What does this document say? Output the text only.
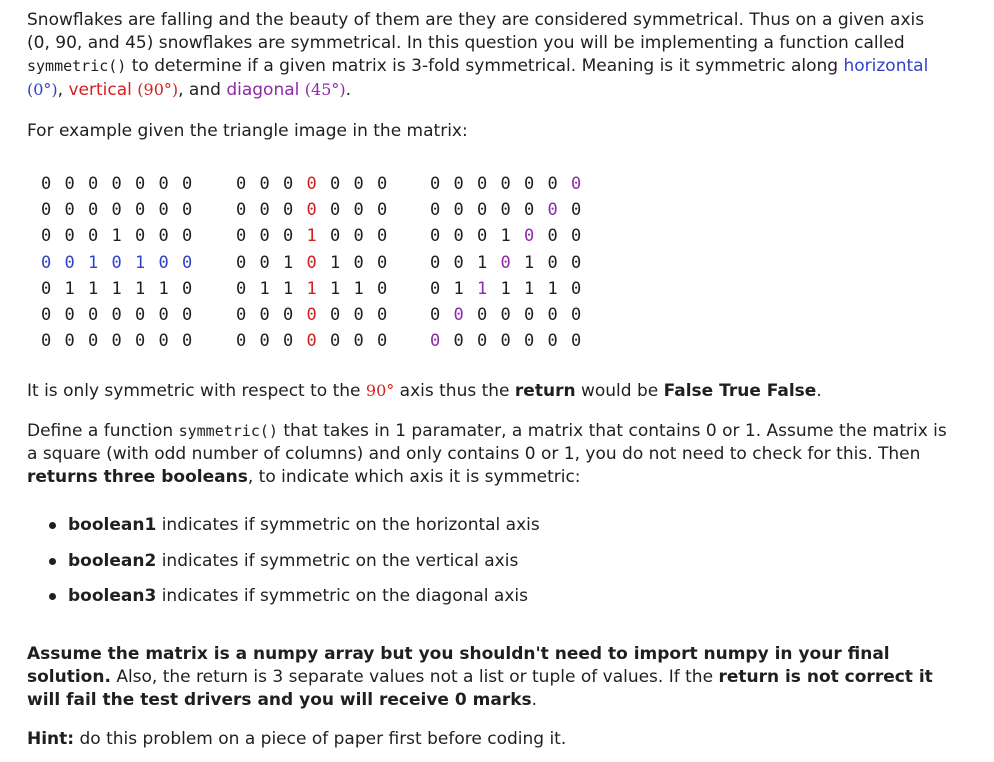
Snowflakes are falling and the beauty of them are they are considered symmetrical. Thus on a given axis (0, 90, and 45) snowflakes are symmetrical. In this question you will be implementing a function called symmetric() to determine if a given matrix is 3-fold symmetrical. Meaning is it symmetric along horizontal
(0°), vertical (90°), and diagonal (45°).

For example given the triangle image in the matrix:

0 0 0 0 0 0 0
0 0 0 0 0 0 0
0 0 0 1 0 0 0
0 0 1 0 1 0 0
0 1 1 1 1 1 0
0 0 0 0 0 0 0
0 0 0 0 0 0 0
0 0 0 0 0 0 0
0 0 0 0 0 0 0
0 0 0 1 0 0 0
0 0 1 0 1 0 0
0 1 1 1 1 1 0
0 0 0 0 0 0 0
0 0 0 0 0 0 0
0 0 0 0 0 0 0
0 0 0 0 0 0 0
0 0 0 1 0 0 0
0 0 1 0 1 0 0
0 1 1 1 1 1 0
0 0 0 0 0 0 0
0 0 0 0 0 0 0

It is only symmetric with respect to the 90° axis thus the return would be False True False.

Define a function symmetric() that takes in 1 paramater, a matrix that contains 0 or 1. Assume the matrix is a square (with odd number of columns) and only contains 0 or 1, you do not need to check for this. Then returns three booleans, to indicate which axis it is symmetric:

boolean1 indicates if symmetric on the horizontal axis
boolean2 indicates if symmetric on the vertical axis
boolean3 indicates if symmetric on the diagonal axis

Assume the matrix is a numpy array but you shouldn't need to import numpy in your final solution. Also, the return is 3 separate values not a list or tuple of values. If the return is not correct it will fail the test drivers and you will receive 0 marks.

Hint: do this problem on a piece of paper first before coding it.
